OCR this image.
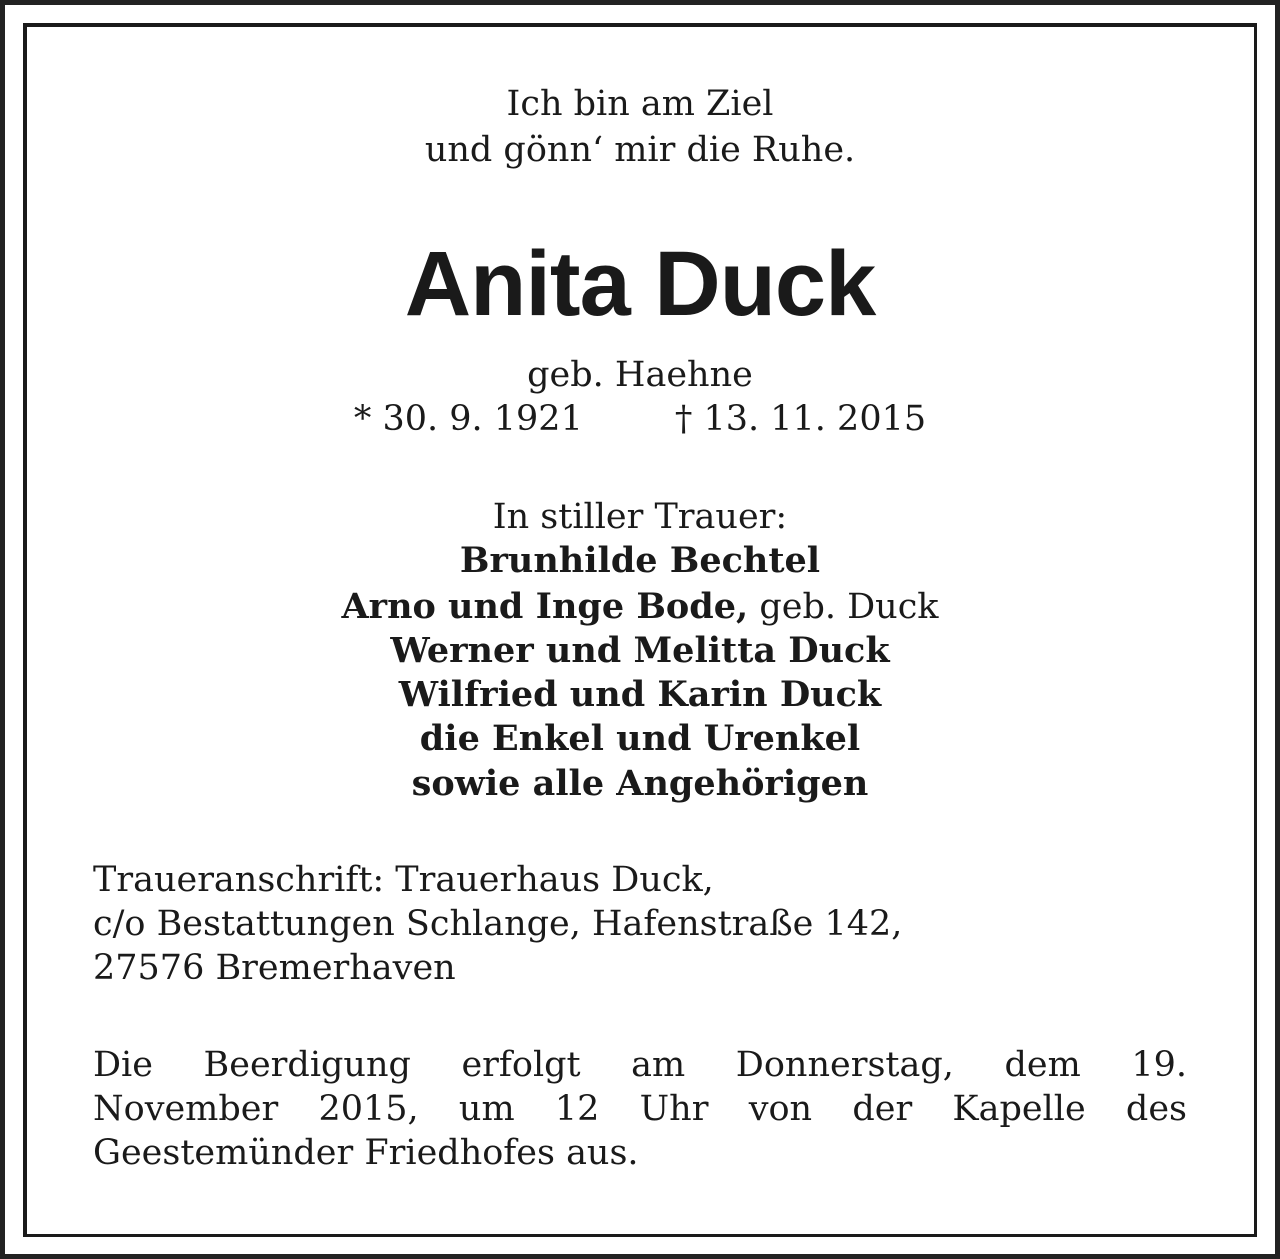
Ich bin am Ziel

und gönn‘ mir die Ruhe.

Anita Duck

geb. Haehne

* 30. 9. 1921	† 13. 11. 2015

In stiller Trauer:

Brunhilde Bechtel

Arno und Inge Bode, geb. Duck

Werner und Melitta Duck

Wilfried und Karin Duck

die Enkel und Urenkel

sowie alle Angehörigen

Traueranschrift: Trauerhaus Duck,
c/o Bestattungen Schlange, Hafenstraße 142,
27576 Bremerhaven
Die Beerdigung erfolgt am Donnerstag, dem 19.
November 2015, um 12 Uhr von der Kapelle des
Geestemünder Friedhofes aus.
